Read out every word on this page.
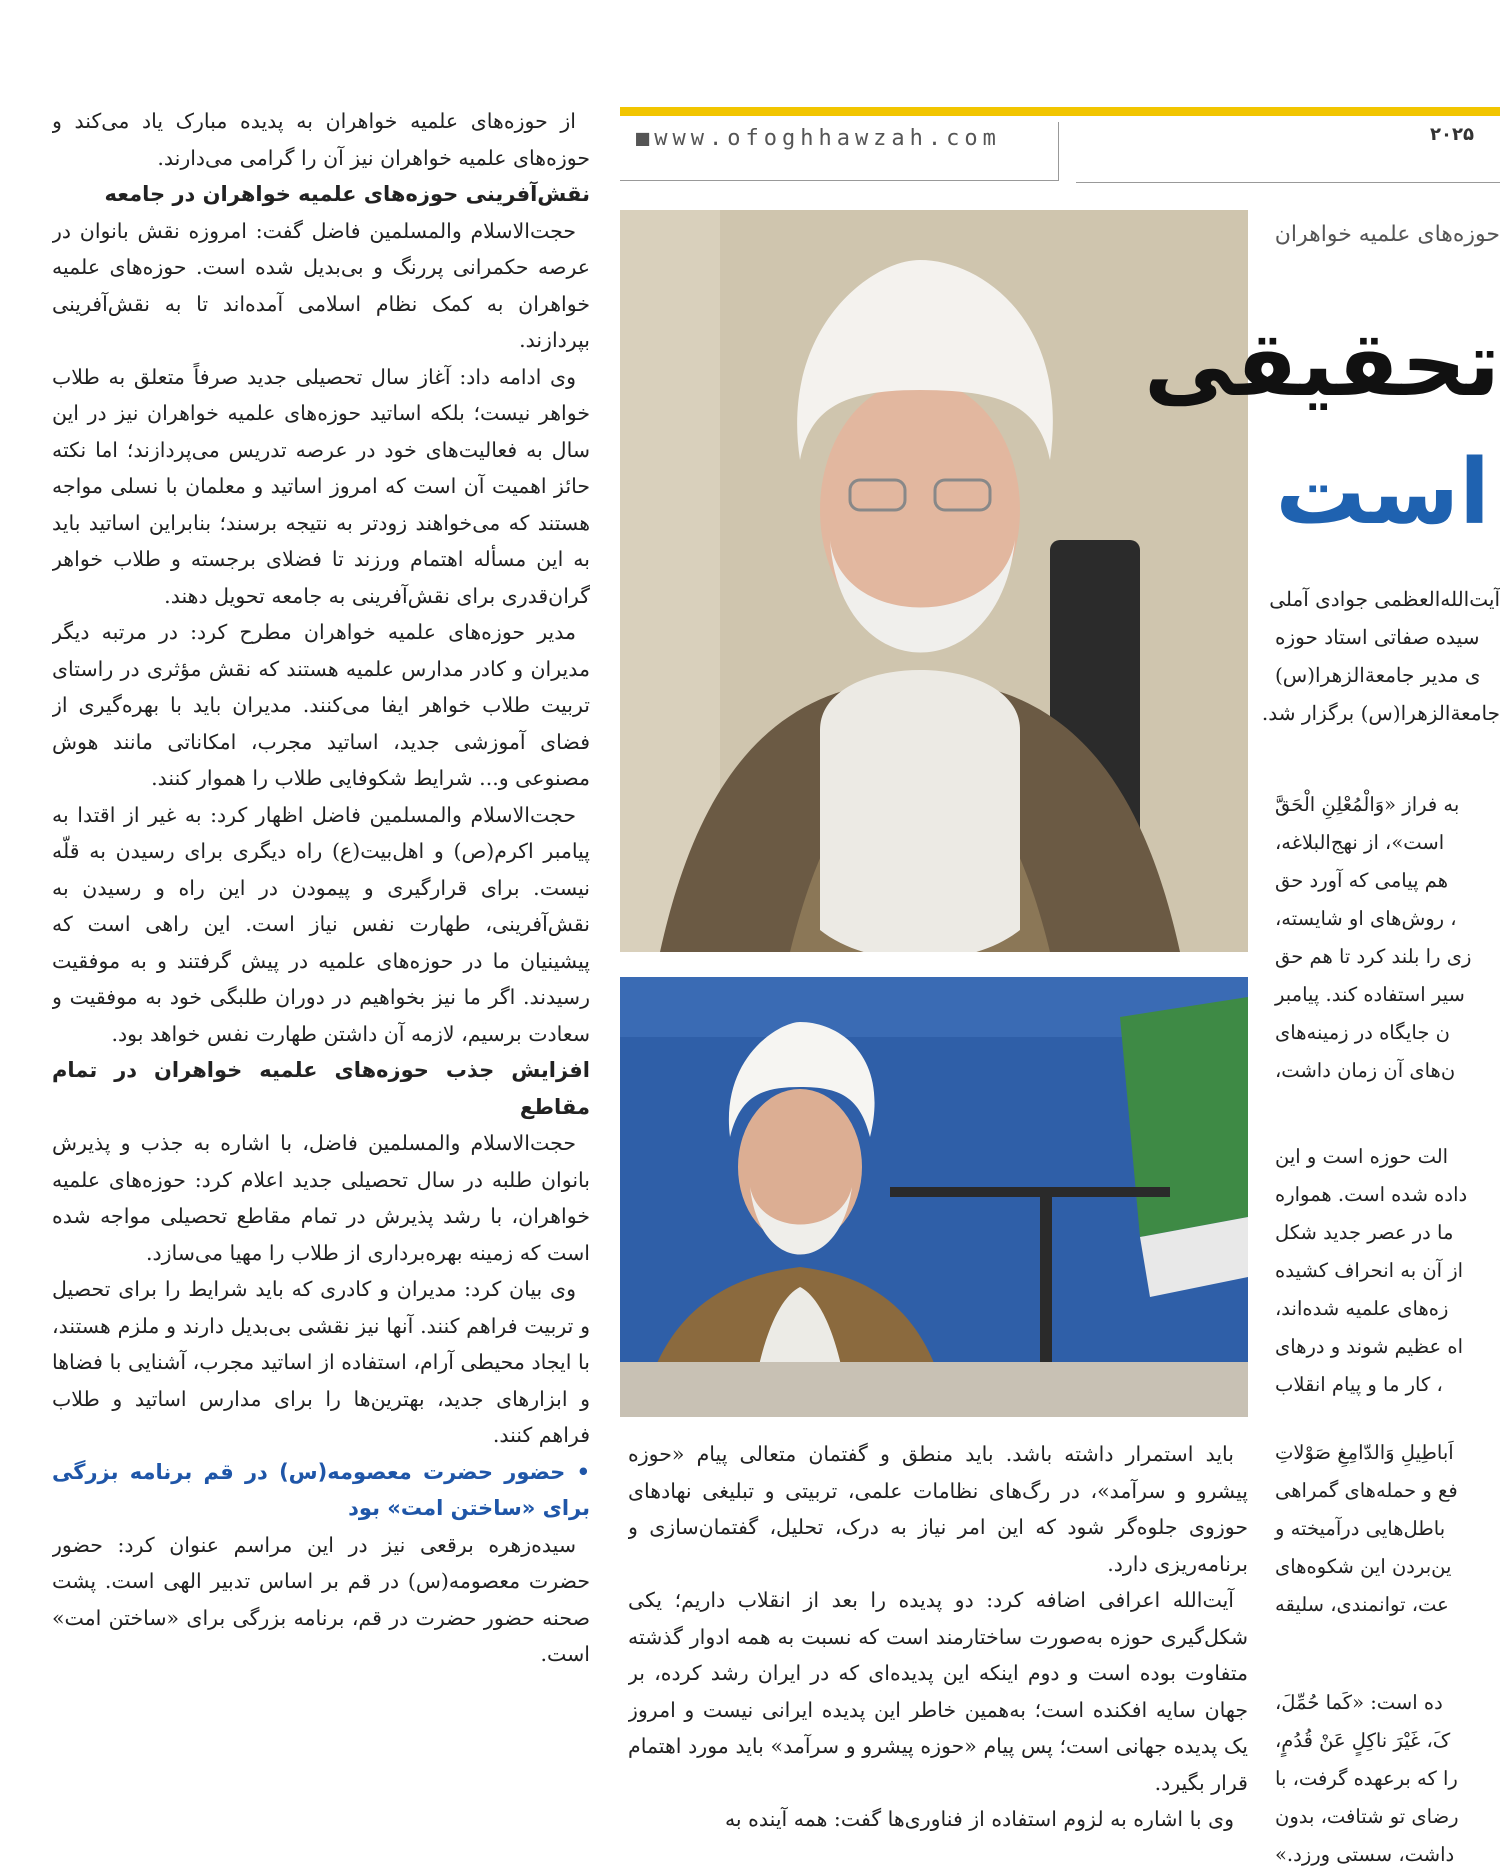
■www.ofoghhawzah.com	۲۰۲۵

از حوزه‌های علمیه خواهران به پدیده مبارک یاد می‌کند و حوزه‌های علمیه خواهران نیز آن را گرامی می‌دارند.

نقش‌آفرینی حوزه‌های علمیه خواهران در جامعه

حجت‌الاسلام والمسلمین فاضل گفت: امروزه نقش بانوان در عرصه حکمرانی پررنگ و بی‌بدیل شده است. حوزه‌های علمیه خواهران به کمک نظام اسلامی آمده‌اند تا به نقش‌آفرینی بپردازند.

وی ادامه داد: آغاز سال تحصیلی جدید صرفاً متعلق به طلاب خواهر نیست؛ بلکه اساتید حوزه‌های علمیه خواهران نیز در این سال به فعالیت‌های خود در عرصه تدریس می‌پردازند؛ اما نکته حائز اهمیت آن است که امروز اساتید و معلمان با نسلی مواجه هستند که می‌خواهند زودتر به نتیجه برسند؛ بنابراین اساتید باید به این مسأله اهتمام ورزند تا فضلای برجسته و طلاب خواهر گران‌قدری برای نقش‌آفرینی به جامعه تحویل دهند.

مدیر حوزه‌های علمیه خواهران مطرح کرد: در مرتبه دیگر مدیران و کادر مدارس علمیه هستند که نقش مؤثری در راستای تربیت طلاب خواهر ایفا می‌کنند. مدیران باید با بهره‌گیری از فضای آموزشی جدید، اساتید مجرب، امکاناتی مانند هوش مصنوعی و... شرایط شکوفایی طلاب را هموار کنند.

حجت‌الاسلام والمسلمین فاضل اظهار کرد: به غیر از اقتدا به پیامبر اکرم(ص) و اهل‌بیت(ع) راه دیگری برای رسیدن به قلّه نیست. برای قرارگیری و پیمودن در این راه و رسیدن به نقش‌آفرینی، طهارت نفس نیاز است. این راهی است که پیشینیان ما در حوزه‌های علمیه در پیش گرفتند و به موفقیت رسیدند. اگر ما نیز بخواهیم در دوران طلبگی خود به موفقیت و سعادت برسیم، لازمه آن داشتن طهارت نفس خواهد بود.

افزایش جذب حوزه‌های علمیه خواهران در تمام مقاطع

حجت‌الاسلام والمسلمین فاضل، با اشاره به جذب و پذیرش بانوان طلبه در سال تحصیلی جدید اعلام کرد: حوزه‌های علمیه خواهران، با رشد پذیرش در تمام مقاطع تحصیلی مواجه شده است که زمینه بهره‌برداری از طلاب را مهیا می‌سازد.

وی بیان کرد: مدیران و کادری که باید شرایط را برای تحصیل و تربیت فراهم کنند. آنها نیز نقشی بی‌بدیل دارند و ملزم هستند، با ایجاد محیطی آرام، استفاده از اساتید مجرب، آشنایی با فضاها و ابزارهای جدید، بهترین‌ها را برای مدارس اساتید و طلاب فراهم کنند.

• حضور حضرت معصومه(س) در قم برنامه بزرگی برای «ساختن امت» بود

سیده‌زهره برقعی نیز در این مراسم عنوان کرد: حضور حضرت معصومه(س) در قم بر اساس تدبیر الهی است. پشت صحنه حضور حضرت در قم، برنامه بزرگی برای «ساختن امت» است.

باید استمرار داشته باشد. باید منطق و گفتمان متعالی پیام «حوزه پیشرو و سرآمد»، در رگ‌های نظامات علمی، تربیتی و تبلیغی نهادهای حوزوی جلوه‌گر شود که این امر نیاز به درک، تحلیل، گفتمان‌سازی و برنامه‌ریزی دارد.

آیت‌الله اعرافی اضافه کرد: دو پدیده را بعد از انقلاب داریم؛ یکی شکل‌گیری حوزه به‌صورت ساختارمند است که نسبت به همه ادوار گذشته متفاوت بوده است و دوم اینکه این پدیده‌ای که در ایران رشد کرده، بر جهان سایه افکنده است؛ به‌همین خاطر این پدیده ایرانی نیست و امروز یک پدیده جهانی است؛ پس پیام «حوزه پیشرو و سرآمد» باید مورد اهتمام قرار بگیرد.

وی با اشاره به لزوم استفاده از فناوری‌ها گفت: همه آینده به

حوزه‌های علمیه خواهران
تحقیقی
است
آیت‌الله‌العظمی جوادی آملی
سیده صفاتی استاد حوزه
ی مدیر جامعة‌الزهرا(س)
جامعة‌الزهرا(س) برگزار شد.
به فراز «وَالْمُعْلِنِ الْحَقَّ
است»، از نهج‌البلاغه،
هم پیامی که آورد حق
، روش‌های او شایسته،
زی را بلند کرد تا هم حق
سیر استفاده کند. پیامبر
ن جایگاه در زمینه‌های
ن‌های آن زمان داشت،
الت حوزه است و این
داده شده است. همواره
ما در عصر جدید شکل
از آن به انحراف کشیده
زه‌های علمیه شده‌اند،
اه عظیم شوند و درهای
، کار ما و پیام انقلاب
اَباطِیلِ وَالدّامِغِ صَوْلاتِ
فع و حمله‌های گمراهی
باطل‌هایی درآمیخته و
ین‌بردن این شکوه‌های
عت، توانمندی، سلیقه
ده است: «کَما حُمِّلَ،
کَ، غَیْرَ ناکِلٍ عَنْ قُدُمٍ،
را که برعهده گرفت، با
رضای تو شتافت، بدون
داشت، سستی ورزد.»
